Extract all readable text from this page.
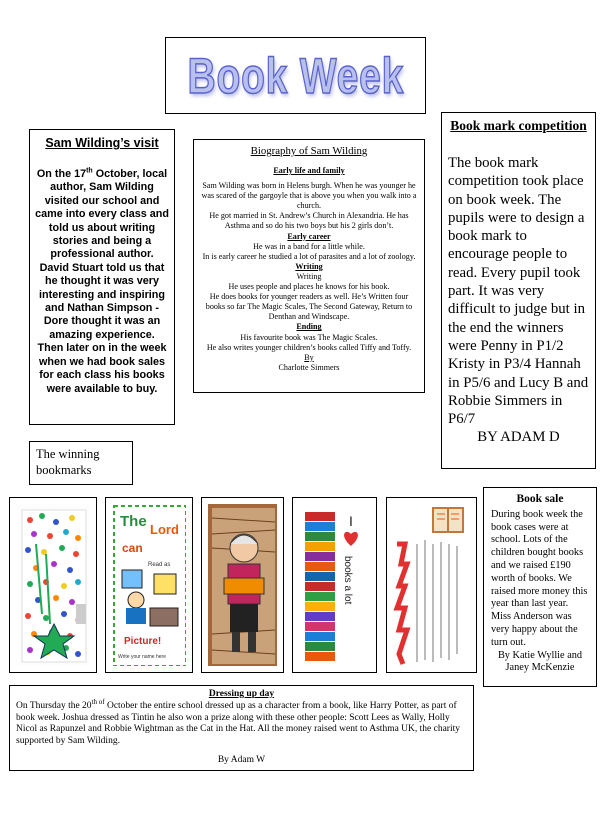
Book Week
Sam Wilding’s visit
On the 17th October, local author, Sam Wilding visited our school and came into every class and told us about writing stories and being a professional author.
David Stuart told us that he thought it was very interesting and inspiring and Nathan Simpson - Dore thought it was an amazing experience.
Then later on in the week when we had book sales for each class his books were available to buy.
Biography of Sam Wilding
Early life and family
Sam Wilding was born in Helens burgh. When he was younger he was scared of the gargoyle that is above you when you walk into a church.
He got married in St. Andrew’s Church in Alexandria. He has Asthma and so do his two boys but his 2 girls don’t.
Early career
He was in a band for a little while.
In is early career he studied a lot of parasites and a lot of zoology.
Writing
Writing
He uses people and places he knows for his book.
He does books for younger readers as well. He’s Written four books so far The Magic Scales, The Second Gateway, Return to Denthan and Windscape.
Ending
His favourite book was The Magic Scales.
He also writes younger children’s books called Tiffy and Toffy.
By
Charlotte Simmers
Book mark competition
The book mark competition took place on book week. The pupils were to design a book mark to encourage people to read. Every pupil took part. It was very difficult to judge but in the end the winners were Penny in P1/2 Kristy in P3/4 Hannah in P5/6 and Lucy B and Robbie Simmers in P6/7
BY ADAM D
The winning bookmarks
The Lord
can
Read as
Picture!
Write your name here
I
books a lot
Book sale
During book week the book cases were at school. Lots of the children bought books and we raised £190 worth of books. We raised more money this year than last year. Miss Anderson was very happy about the turn out.
By Katie Wyllie and Janey McKenzie
Dressing up day
On Thursday the $20^{th of}$ October the entire school dressed up as a character from a book, like Harry Potter, as part of book week. Joshua dressed as Tintin he also won a prize along with these other people: Scott Lees as Wally, Holly Nicol as Rapunzel and Robbie Wightman as the Cat in the Hat. All the money raised went to Asthma UK, the charity supported by Sam Wilding.
By Adam W
